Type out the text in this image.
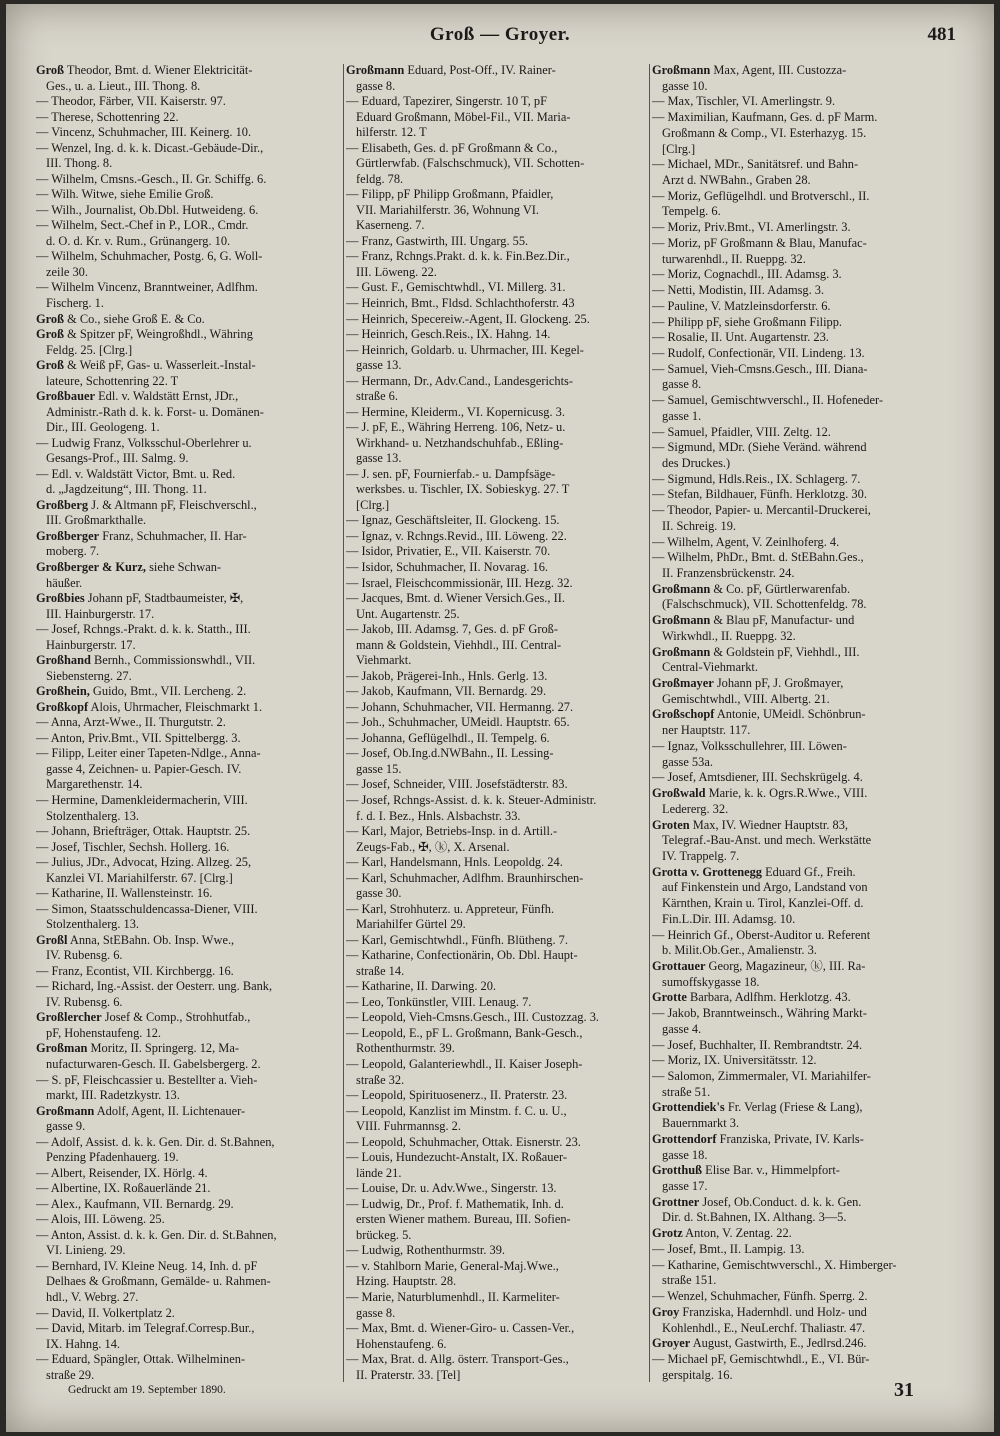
Groß — Groyer.	481
Groß Theodor, Bmt. d. Wiener Elektricität-
Ges., u. a. Lieut., III. Thong. 8.
— Theodor, Färber, VII. Kaiserstr. 97.
— Therese, Schottenring 22.
— Vincenz, Schuhmacher, III. Keinerg. 10.
— Wenzel, Ing. d. k. k. Dicast.-Gebäude-Dir.,
III. Thong. 8.
— Wilhelm, Cmsns.-Gesch., II. Gr. Schiffg. 6.
— Wilh. Witwe, siehe Emilie Groß.
— Wilh., Journalist, Ob.Dbl. Hutweideng. 6.
— Wilhelm, Sect.-Chef in P., LOR., Cmdr.
d. O. d. Kr. v. Rum., Grünangerg. 10.
— Wilhelm, Schuhmacher, Postg. 6, G. Woll-
zeile 30.
— Wilhelm Vincenz, Branntweiner, Adlfhm.
Fischerg. 1.
Groß & Co., siehe Groß E. & Co.
Groß & Spitzer pF, Weingroßhdl., Währing
Feldg. 25. [Clrg.]
Groß & Weiß pF, Gas- u. Wasserleit.-Instal-
lateure, Schottenring 22. T
Großbauer Edl. v. Waldstätt Ernst, JDr.,
Administr.-Rath d. k. k. Forst- u. Domänen-
Dir., III. Geologeng. 1.
— Ludwig Franz, Volksschul-Oberlehrer u.
Gesangs-Prof., III. Salmg. 9.
— Edl. v. Waldstätt Victor, Bmt. u. Red.
d. „Jagdzeitung“, III. Thong. 11.
Großberg J. & Altmann pF, Fleischverschl.,
III. Großmarkthalle.
Großberger Franz, Schuhmacher, II. Har-
moberg. 7.
Großberger & Kurz, siehe Schwan-
häußer.
Großbies Johann pF, Stadtbaumeister, ✠,
III. Hainburgerstr. 17.
— Josef, Rchngs.-Prakt. d. k. k. Statth., III.
Hainburgerstr. 17.
Großhand Bernh., Commissionswhdl., VII.
Siebensterng. 27.
Großhein, Guido, Bmt., VII. Lercheng. 2.
Großkopf Alois, Uhrmacher, Fleischmarkt 1.
— Anna, Arzt-Wwe., II. Thurgutstr. 2.
— Anton, Priv.Bmt., VII. Spittelbergg. 3.
— Filipp, Leiter einer Tapeten-Ndlge., Anna-
gasse 4, Zeichnen- u. Papier-Gesch. IV.
Margarethenstr. 14.
— Hermine, Damenkleidermacherin, VIII.
Stolzenthalerg. 13.
— Johann, Briefträger, Ottak. Hauptstr. 25.
— Josef, Tischler, Sechsh. Hollerg. 16.
— Julius, JDr., Advocat, Hzing. Allzeg. 25,
Kanzlei VI. Mariahilferstr. 67. [Clrg.]
— Katharine, II. Wallensteinstr. 16.
— Simon, Staatsschuldencassa-Diener, VIII.
Stolzenthalerg. 13.
Großl Anna, StEBahn. Ob. Insp. Wwe.,
IV. Rubensg. 6.
— Franz, Econtist, VII. Kirchbergg. 16.
— Richard, Ing.-Assist. der Oesterr. ung. Bank,
IV. Rubensg. 6.
Großlercher Josef & Comp., Strohhutfab.,
pF, Hohenstaufeng. 12.
Großman Moritz, II. Springerg. 12, Ma-
nufacturwaren-Gesch. II. Gabelsbergerg. 2.
— S. pF, Fleischcassier u. Bestellter a. Vieh-
markt, III. Radetzkystr. 13.
Großmann Adolf, Agent, II. Lichtenauer-
gasse 9.
— Adolf, Assist. d. k. k. Gen. Dir. d. St.Bahnen,
Penzing Pfadenhauerg. 19.
— Albert, Reisender, IX. Hörlg. 4.
— Albertine, IX. Roßauerlände 21.
— Alex., Kaufmann, VII. Bernardg. 29.
— Alois, III. Löweng. 25.
— Anton, Assist. d. k. k. Gen. Dir. d. St.Bahnen,
VI. Linieng. 29.
— Bernhard, IV. Kleine Neug. 14, Inh. d. pF
Delhaes & Großmann, Gemälde- u. Rahmen-
hdl., V. Webrg. 27.
— David, II. Volkertplatz 2.
— David, Mitarb. im Telegraf.Corresp.Bur.,
IX. Hahng. 14.
— Eduard, Spängler, Ottak. Wilhelminen-
straße 29.
Großmann Eduard, Post-Off., IV. Rainer-
gasse 8.
— Eduard, Tapezirer, Singerstr. 10 T, pF
Eduard Großmann, Möbel-Fil., VII. Maria-
hilferstr. 12. T
— Elisabeth, Ges. d. pF Großmann & Co.,
Gürtlerwfab. (Falschschmuck), VII. Schotten-
feldg. 78.
— Filipp, pF Philipp Großmann, Pfaidler,
VII. Mariahilferstr. 36, Wohnung VI.
Kaserneng. 7.
— Franz, Gastwirth, III. Ungarg. 55.
— Franz, Rchngs.Prakt. d. k. k. Fin.Bez.Dir.,
III. Löweng. 22.
— Gust. F., Gemischtwhdl., VI. Millerg. 31.
— Heinrich, Bmt., Fldsd. Schlachthoferstr. 43
— Heinrich, Specereiw.-Agent, II. Glockeng. 25.
— Heinrich, Gesch.Reis., IX. Hahng. 14.
— Heinrich, Goldarb. u. Uhrmacher, III. Kegel-
gasse 13.
— Hermann, Dr., Adv.Cand., Landesgerichts-
straße 6.
— Hermine, Kleiderm., VI. Kopernicusg. 3.
— J. pF, E., Währing Herreng. 106, Netz- u.
Wirkhand- u. Netzhandschuhfab., Eßling-
gasse 13.
— J. sen. pF, Fournierfab.- u. Dampfsäge-
werksbes. u. Tischler, IX. Sobieskyg. 27. T
[Clrg.]
— Ignaz, Geschäftsleiter, II. Glockeng. 15.
— Ignaz, v. Rchngs.Revid., III. Löweng. 22.
— Isidor, Privatier, E., VII. Kaiserstr. 70.
— Isidor, Schuhmacher, II. Novarag. 16.
— Israel, Fleischcommissionär, III. Hezg. 32.
— Jacques, Bmt. d. Wiener Versich.Ges., II.
Unt. Augartenstr. 25.
— Jakob, III. Adamsg. 7, Ges. d. pF Groß-
mann & Goldstein, Viehhdl., III. Central-
Viehmarkt.
— Jakob, Prägerei-Inh., Hnls. Gerlg. 13.
— Jakob, Kaufmann, VII. Bernardg. 29.
— Johann, Schuhmacher, VII. Hermanng. 27.
— Joh., Schuhmacher, UMeidl. Hauptstr. 65.
— Johanna, Geflügelhdl., II. Tempelg. 6.
— Josef, Ob.Ing.d.NWBahn., II. Lessing-
gasse 15.
— Josef, Schneider, VIII. Josefstädterstr. 83.
— Josef, Rchngs-Assist. d. k. k. Steuer-Administr.
f. d. I. Bez., Hnls. Alsbachstr. 33.
— Karl, Major, Betriebs-Insp. in d. Artill.-
Zeugs-Fab., ✠, ⓚ, X. Arsenal.
— Karl, Handelsmann, Hnls. Leopoldg. 24.
— Karl, Schuhmacher, Adlfhm. Braunhirschen-
gasse 30.
— Karl, Strohhuterz. u. Appreteur, Fünfh.
Mariahilfer Gürtel 29.
— Karl, Gemischtwhdl., Fünfh. Blütheng. 7.
— Katharine, Confectionärin, Ob. Dbl. Haupt-
straße 14.
— Katharine, II. Darwing. 20.
— Leo, Tonkünstler, VIII. Lenaug. 7.
— Leopold, Vieh-Cmsns.Gesch., III. Custozzag. 3.
— Leopold, E., pF L. Großmann, Bank-Gesch.,
Rothenthurmstr. 39.
— Leopold, Galanteriewhdl., II. Kaiser Joseph-
straße 32.
— Leopold, Spirituosenerz., II. Praterstr. 23.
— Leopold, Kanzlist im Minstm. f. C. u. U.,
VIII. Fuhrmannsg. 2.
— Leopold, Schuhmacher, Ottak. Eisnerstr. 23.
— Louis, Hundezucht-Anstalt, IX. Roßauer-
lände 21.
— Louise, Dr. u. Adv.Wwe., Singerstr. 13.
— Ludwig, Dr., Prof. f. Mathematik, Inh. d.
ersten Wiener mathem. Bureau, III. Sofien-
brückeg. 5.
— Ludwig, Rothenthurmstr. 39.
— v. Stahlborn Marie, General-Maj.Wwe.,
Hzing. Hauptstr. 28.
— Marie, Naturblumenhdl., II. Karmeliter-
gasse 8.
— Max, Bmt. d. Wiener-Giro- u. Cassen-Ver.,
Hohenstaufeng. 6.
— Max, Brat. d. Allg. österr. Transport-Ges.,
II. Praterstr. 33. [Tel]
Großmann Max, Agent, III. Custozza-
gasse 10.
— Max, Tischler, VI. Amerlingstr. 9.
— Maximilian, Kaufmann, Ges. d. pF Marm.
Großmann & Comp., VI. Esterhazyg. 15.
[Clrg.]
— Michael, MDr., Sanitätsref. und Bahn-
Arzt d. NWBahn., Graben 28.
— Moriz, Geflügelhdl. und Brotverschl., II.
Tempelg. 6.
— Moriz, Priv.Bmt., VI. Amerlingstr. 3.
— Moriz, pF Großmann & Blau, Manufac-
turwarenhdl., II. Rueppg. 32.
— Moriz, Cognachdl., III. Adamsg. 3.
— Netti, Modistin, III. Adamsg. 3.
— Pauline, V. Matzleinsdorferstr. 6.
— Philipp pF, siehe Großmann Filipp.
— Rosalie, II. Unt. Augartenstr. 23.
— Rudolf, Confectionär, VII. Lindeng. 13.
— Samuel, Vieh-Cmsns.Gesch., III. Diana-
gasse 8.
— Samuel, Gemischtwverschl., II. Hofeneder-
gasse 1.
— Samuel, Pfaidler, VIII. Zeltg. 12.
— Sigmund, MDr. (Siehe Veränd. während
des Druckes.)
— Sigmund, Hdls.Reis., IX. Schlagerg. 7.
— Stefan, Bildhauer, Fünfh. Herklotzg. 30.
— Theodor, Papier- u. Mercantil-Druckerei,
II. Schreig. 19.
— Wilhelm, Agent, V. Zeinlhoferg. 4.
— Wilhelm, PhDr., Bmt. d. StEBahn.Ges.,
II. Franzensbrückenstr. 24.
Großmann & Co. pF, Gürtlerwarenfab.
(Falschschmuck), VII. Schottenfeldg. 78.
Großmann & Blau pF, Manufactur- und
Wirkwhdl., II. Rueppg. 32.
Großmann & Goldstein pF, Viehhdl., III.
Central-Viehmarkt.
Großmayer Johann pF, J. Großmayer,
Gemischtwhdl., VIII. Albertg. 21.
Großschopf Antonie, UMeidl. Schönbrun-
ner Hauptstr. 117.
— Ignaz, Volksschullehrer, III. Löwen-
gasse 53a.
— Josef, Amtsdiener, III. Sechskrügelg. 4.
Großwald Marie, k. k. Ogrs.R.Wwe., VIII.
Ledererg. 32.
Groten Max, IV. Wiedner Hauptstr. 83,
Telegraf.-Bau-Anst. und mech. Werkstätte
IV. Trappelg. 7.
Grotta v. Grottenegg Eduard Gf., Freih.
auf Finkenstein und Argo, Landstand von
Kärnthen, Krain u. Tirol, Kanzlei-Off. d.
Fin.L.Dir. III. Adamsg. 10.
— Heinrich Gf., Oberst-Auditor u. Referent
b. Milit.Ob.Ger., Amalienstr. 3.
Grottauer Georg, Magazineur, ⓚ, III. Ra-
sumoffskygasse 18.
Grotte Barbara, Adlfhm. Herklotzg. 43.
— Jakob, Branntweinsch., Währing Markt-
gasse 4.
— Josef, Buchhalter, II. Rembrandtstr. 24.
— Moriz, IX. Universitätsstr. 12.
— Salomon, Zimmermaler, VI. Mariahilfer-
straße 51.
Grottendiek's Fr. Verlag (Friese & Lang),
Bauernmarkt 3.
Grottendorf Franziska, Private, IV. Karls-
gasse 18.
Grotthuß Elise Bar. v., Himmelpfort-
gasse 17.
Grottner Josef, Ob.Conduct. d. k. k. Gen.
Dir. d. St.Bahnen, IX. Althang. 3—5.
Grotz Anton, V. Zentag. 22.
— Josef, Bmt., II. Lampig. 13.
— Katharine, Gemischtwverschl., X. Himberger-
straße 151.
— Wenzel, Schuhmacher, Fünfh. Sperrg. 2.
Groy Franziska, Hadernhdl. und Holz- und
Kohlenhdl., E., NeuLerchf. Thaliastr. 47.
Groyer August, Gastwirth, E., Jedlrsd.246.
— Michael pF, Gemischtwhdl., E., VI. Bür-
gerspitalg. 16.
Gedruckt am 19. September 1890.	31
